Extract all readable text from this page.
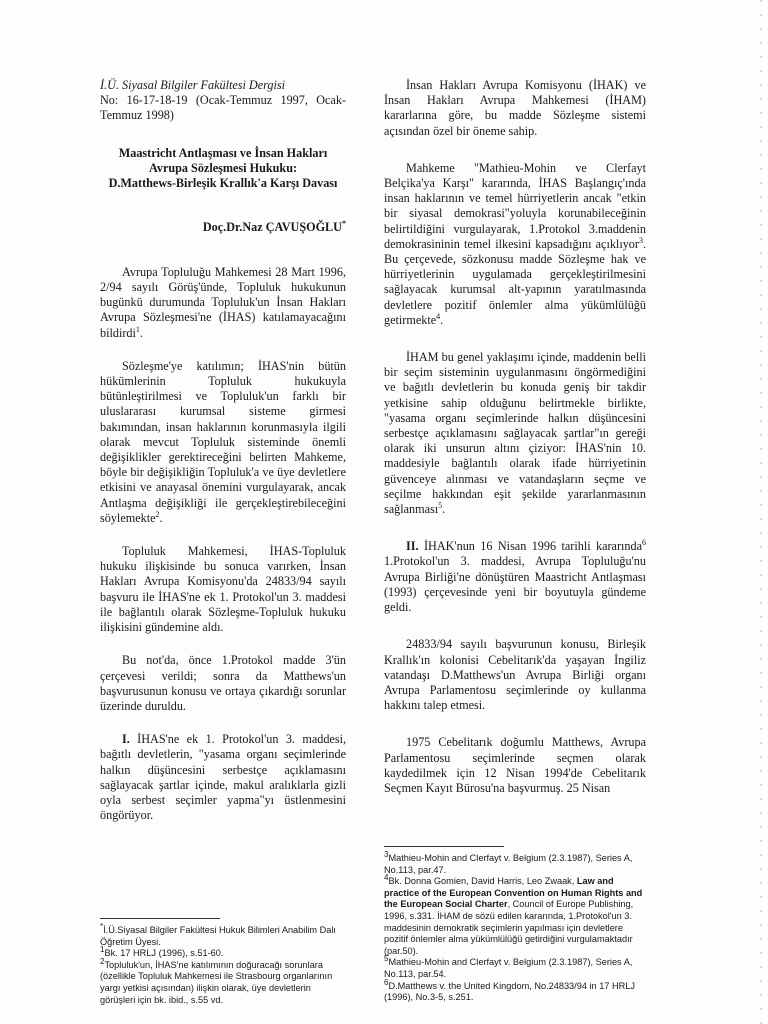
İ.Ü. Siyasal Bilgiler Fakültesi Dergisi
No: 16-17-18-19 (Ocak-Temmuz 1997, Ocak-Temmuz 1998)

Maastricht Antlaşması ve İnsan Hakları
Avrupa Sözleşmesi Hukuku:
D.Matthews-Birleşik Krallık'a Karşı Davası
Doç.Dr.Naz ÇAVUŞOĞLU*

Avrupa Topluluğu Mahkemesi 28 Mart 1996, 2/94 sayılı Görüş'ünde, Topluluk hukukunun bugünkü durumunda Topluluk'un İnsan Hakları Avrupa Sözleşmesi'ne (İHAS) katılamayacağını bildirdi$^1$.

Sözleşme'ye katılımın; İHAS'nin bütün hükümlerinin Topluluk hukukuyla bütünleştirilmesi ve Topluluk'un farklı bir uluslararası kurumsal sisteme girmesi bakımından, insan haklarının korunmasıyla ilgili olarak mevcut Topluluk sisteminde önemli değişiklikler gerektireceğini belirten Mahkeme, böyle bir değişikliğin Topluluk'a ve üye devletlere etkisini ve anayasal önemini vurgulayarak, ancak Antlaşma değişikliği ile gerçekleştirebileceğini söylemekte$^2$.

Topluluk Mahkemesi, İHAS-Topluluk hukuku ilişkisinde bu sonuca varırken, İnsan Hakları Avrupa Komisyonu'da 24833/94 sayılı başvuru ile İHAS'ne ek 1. Protokol'un 3. maddesi ile bağlantılı olarak Sözleşme-Topluluk hukuku ilişkisini gündemine aldı.

Bu not'da, önce 1.Protokol madde 3'ün çerçevesi verildi; sonra da Matthews'un başvurusunun konusu ve ortaya çıkardığı sorunlar üzerinde duruldu.

I. İHAS'ne ek 1. Protokol'un 3. maddesi, bağıtlı devletlerin, "yasama organı seçimlerinde halkın düşüncesini serbestçe açıklamasını sağlayacak şartlar içinde, makul aralıklarla gizli oyla serbest seçimler yapma"yı üstlenmesini öngörüyor.

*İ.Ü.Siyasal Bilgiler Fakültesi Hukuk Bilimleri Anabilim Dalı Öğretim Üyesi.

$^1$Bk. 17 HRLJ (1996), s.51-60.

$^2$Topluluk'un, İHAS'ne katılımının doğuracağı sorunlara (özellikle Topluluk Mahkemesi ile Strasbourg organlarının yargı yetkisi açısından) ilişkin olarak, üye devletlerin görüşleri için bk. ibid., s.55 vd.

İnsan Hakları Avrupa Komisyonu (İHAK) ve İnsan Hakları Avrupa Mahkemesi (İHAM) kararlarına göre, bu madde Sözleşme sistemi açısından özel bir öneme sahip.

Mahkeme "Mathieu-Mohin ve Clerfayt Belçika'ya Karşı" kararında, İHAS Başlangıç'ında insan haklarının ve temel hürriyetlerin ancak "etkin bir siyasal demokrasi"yoluyla korunabileceğinin belirtildiğini vurgulayarak, 1.Protokol 3.maddenin demokrasininin temel ilkesini kapsadığını açıklıyor$^3$. Bu çerçevede, sözkonusu madde Sözleşme hak ve hürriyetlerinin uygulamada gerçekleştirilmesini sağlayacak kurumsal alt-yapının yaratılmasında devletlere pozitif önlemler alma yükümlülüğü getirmekte$^4$.

İHAM bu genel yaklaşımı içinde, maddenin belli bir seçim sisteminin uygulanmasını öngörmediğini ve bağıtlı devletlerin bu konuda geniş bir takdir yetkisine sahip olduğunu belirtmekle birlikte, "yasama organı seçimlerinde halkın düşüncesini serbestçe açıklamasını sağlayacak şartlar"ın gereği olarak iki unsurun altını çiziyor: İHAS'nin 10. maddesiyle bağlantılı olarak ifade hürriyetinin güvenceye alınması ve vatandaşların seçme ve seçilme hakkından eşit şekilde yararlanmasının sağlanması$^5$.

II. İHAK'nun 16 Nisan 1996 tarihli kararında$^6$ 1.Protokol'un 3. maddesi, Avrupa Topluluğu'nu Avrupa Birliği'ne dönüştüren Maastricht Antlaşması (1993) çerçevesinde yeni bir boyutuyla gündeme geldi.

24833/94 sayılı başvurunun konusu, Birleşik Krallık'ın kolonisi Cebelitarık'da yaşayan İngiliz vatandaşı D.Matthews'un Avrupa Birliği organı Avrupa Parlamentosu seçimlerinde oy kullanma hakkını talep etmesi.

1975 Cebelitarık doğumlu Matthews, Avrupa Parlamentosu seçimlerinde seçmen olarak kaydedilmek için 12 Nisan 1994'de Cebelitarık Seçmen Kayıt Bürosu'na başvurmuş. 25 Nisan

$^3$Mathieu-Mohin and Clerfayt v. Belgium (2.3.1987), Series A, No.113, par.47.

$^4$Bk. Donna Gomien, David Harris, Leo Zwaak, Law and practice of the European Convention on Human Rights and the European Social Charter, Council of Europe Publishing, 1996, s.331. İHAM de sözü edilen kararında, 1.Protokol'un 3. maddesinin demokratik seçimlerin yapılması için devletlere pozitif önlemler alma yükümlülüğü getirdiğini vurgulamaktadır (par.50).

$^5$Mathieu-Mohin and Clerfayt v. Belgium (2.3.1987), Series A, No.113, par.54.

$^6$D.Matthews v. the United Kingdom, No.24833/94 in 17 HRLJ (1996), No.3-5, s.251.
